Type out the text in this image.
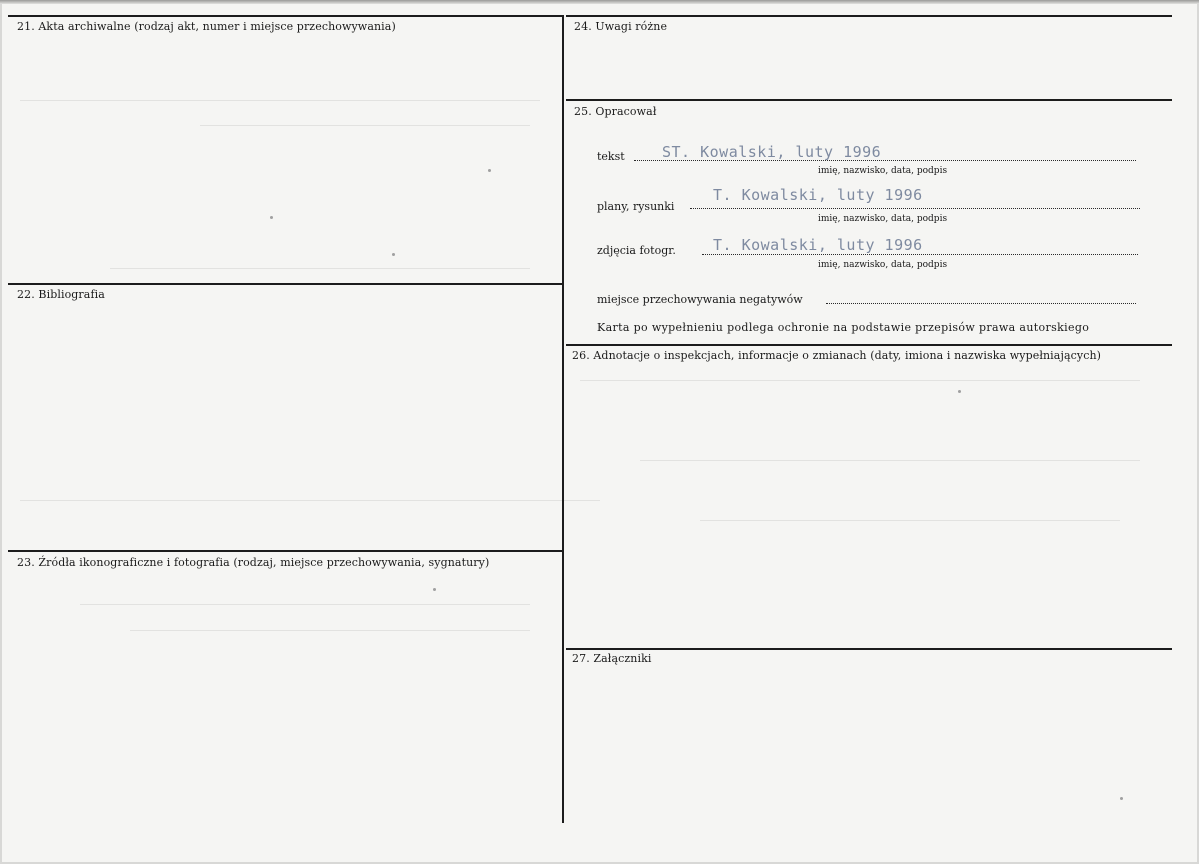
21. Akta archiwalne (rodzaj akt, numer i miejsce przechowywania)
22. Bibliografia
23. Źródła ikonograficzne i fotografia (rodzaj, miejsce przechowywania, sygnatury)
24. Uwagi różne
25. Opracował
26. Adnotacje o inspekcjach, informacje o zmianach (daty, imiona i nazwiska wypełniających)
27. Załączniki
tekst ST. Kowalski, luty 1996
imię, nazwisko, data, podpis
plany, rysunki
T. Kowalski, luty 1996
imię, nazwisko, data, podpis
zdjęcia fotogr. T. Kowalski, luty 1996
imię, nazwisko, data, podpis
miejsce przechowywania negatywów
Karta po wypełnieniu podlega ochronie na podstawie przepisów prawa autorskiego
